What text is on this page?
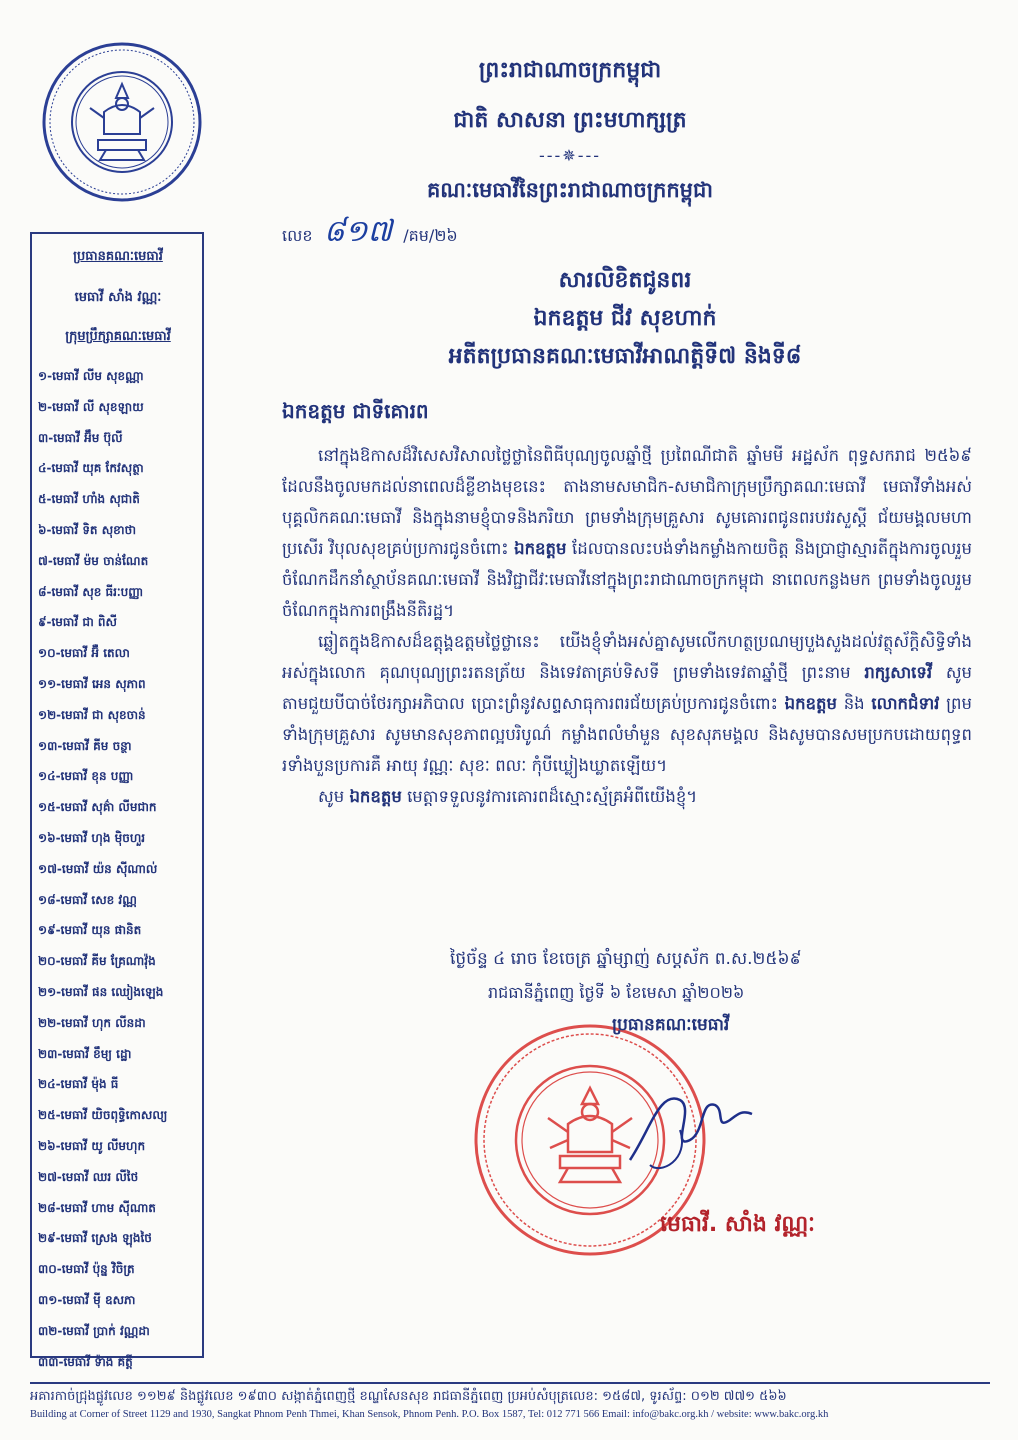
ព្រះរាជាណាចក្រកម្ពុជា
ជាតិ សាសនា ព្រះមហាក្សត្រ
---✵---
គណៈមេធាវីនៃព្រះរាជាណាចក្រកម្ពុជា
ប្រធានគណៈមេធាវី
មេធាវី សាំង វណ្ណៈ
ក្រុមប្រឹក្សាគណៈមេធាវី
១-មេធាវី លីម សុខណ្ណា
២-មេធាវី លី សុខឡាយ
៣-មេធាវី អ៊ឹម ប៊ុលី
៤-មេធាវី យុគ កែវសុត្ថា
៥-មេធាវី ហាំង សុជាតិ
៦-មេធាវី ទិត សុខាថា
៧-មេធាវី ម៉ម ចាន់ណែត
៨-មេធាវី សុខ ធីរៈបញ្ញា
៩-មេធាវី ជា ពិសី
១០-មេធាវី អ៊ឺ តេលា
១១-មេធាវី អេន សុភាព
១២-មេធាវី ជា សុខចាន់
១៣-មេធាវី គីម ចន្ថា
១៤-មេធាវី ខុន បញ្ញា
១៥-មេធាវី សុគ៌ា លីមជាក
១៦-មេធាវី ហុង ម៉ិចហួរ
១៧-មេធាវី យ៉ន ស៊ីណាល់
១៨-មេធាវី សេខ វណ្ណ
១៩-មេធាវី យុន ផានិត
២០-មេធាវី គីម គ្រែណាវ៉ុង
២១-មេធាវី ផន ឈៀងឡេង
២២-មេធាវី ហុក លីនដា
២៣-មេធាវី ខឹម្យ ដ្ឋោ
២៤-មេធាវី ម៉ុង ធី
២៥-មេធាវី យិចពុទ្ធិកោសល្យ
២៦-មេធាវី យូ លីមហុក
២៧-មេធាវី ឈរ លីថៃ
២៨-មេធាវី ហាម ស៊ីណាត
២៩-មេធាវី ស្រេង ឡុងថៃ
៣០-មេធាវី ប៉ុន្ន វិចិត្រ
៣១-មេធាវី ម៉ី ឧសភា
៣២-មេធាវី ប្រាក់ វណ្ណដា
៣៣-មេធាវី ទ៉ាង គត្តី
លេខ ៨១៧ /គម/២៦
សារលិខិតជូនពរ
ឯកឧត្តម ជីវ សុខហាក់
អតីតប្រធានគណៈមេធាវីអាណត្តិទី៧ និងទី៨
ឯកឧត្តម ជាទីគោរព

នៅក្នុងឱកាសដ៏វិសេសវិសាលថ្លៃថ្លានៃពិធីបុណ្យចូលឆ្នាំថ្មី ប្រពៃណីជាតិ ឆ្នាំមមី អដ្ឋស័ក ពុទ្ធសករាជ ២៥៦៩ ដែលនឹងចូលមកដល់នាពេលដ៏ខ្លីខាងមុខនេះ តាងនាមសមាជិក-សមាជិកាក្រុមប្រឹក្សាគណៈមេធាវី មេធាវីទាំងអស់ បុគ្គលិកគណៈមេធាវី និងក្នុងនាមខ្ញុំបាទនិងភរិយា ព្រមទាំងក្រុមគ្រួសារ សូមគោរពជូនពរបវរសួស្តី ជ័យមង្គលមហាប្រសើរ វិបុលសុខគ្រប់ប្រការជូនចំពោះ ឯកឧត្តម ដែលបានលះបង់ទាំងកម្លាំងកាយចិត្ត និងប្រាជ្ញាស្មារតីក្នុងការចូលរួមចំណែកដឹកនាំស្ថាប័នគណៈមេធាវី និងវិជ្ជាជីវៈមេធាវីនៅក្នុងព្រះរាជាណាចក្រកម្ពុជា នាពេលកន្លងមក ព្រមទាំងចូលរួមចំណែកក្នុងការពង្រឹងនីតិរដ្ឋ។

ឆ្លៀតក្នុងឱកាសដ៏ឧត្តុង្គឧត្តមថ្លៃថ្លានេះ យើងខ្ញុំទាំងអស់គ្នាសូមលើកហត្ថប្រណម្យបួងសួងដល់វត្ថុស័ក្តិសិទ្ធិទាំងអស់ក្នុងលោក គុណបុណ្យព្រះរតនត្រ័យ និងទេវតាគ្រប់ទិសទី ព្រមទាំងទេវតាឆ្នាំថ្មី ព្រះនាម រាក្សសាទេវី សូមតាមជួយបីបាច់ថែរក្សាអភិបាល ប្រោះព្រំនូវសព្ទសាធុការពរជ័យគ្រប់ប្រការជូនចំពោះ ឯកឧត្តម និង លោកជំទាវ ព្រមទាំងក្រុមគ្រួសារ សូមមានសុខភាពល្អបរិបូណ៌ កម្លាំងពលំមាំមួន សុខសុភមង្គល និងសូមបានសមប្រកបដោយពុទ្ធពរទាំងបួនប្រការគឺ អាយុ វណ្ណៈ សុខៈ ពលៈ កុំបីឃ្លៀងឃ្លាតឡើយ។

សូម ឯកឧត្តម មេត្តាទទួលនូវការគោរពដ៏ស្មោះស្ម័គ្រអំពីយើងខ្ញុំ។

ថ្ងៃច័ន្ទ ៤ រោច ខែចេត្រ ឆ្នាំម្សាញ់ សប្តស័ក ព.ស.២៥៦៩
រាជធានីភ្នំពេញ ថ្ងៃទី ៦ ខែមេសា ឆ្នាំ២០២៦
ប្រធានគណៈមេធាវី
មេធាវី. សាំង វណ្ណៈ
អគារកាច់ជ្រុងផ្លូវលេខ ១១២៩ និងផ្លូវលេខ ១៩៣០ សង្កាត់ភ្នំពេញថ្មី ខណ្ឌសែនសុខ រាជធានីភ្នំពេញ ប្រអប់សំបុត្រលេខ: ១៥៨៧, ទូរស័ព្ទ: ០១២ ៧៧១ ៥៦៦
Building at Corner of Street 1129 and 1930, Sangkat Phnom Penh Thmei, Khan Sensok, Phnom Penh. P.O. Box 1587, Tel: 012 771 566 Email: info@bakc.org.kh / website: www.bakc.org.kh
